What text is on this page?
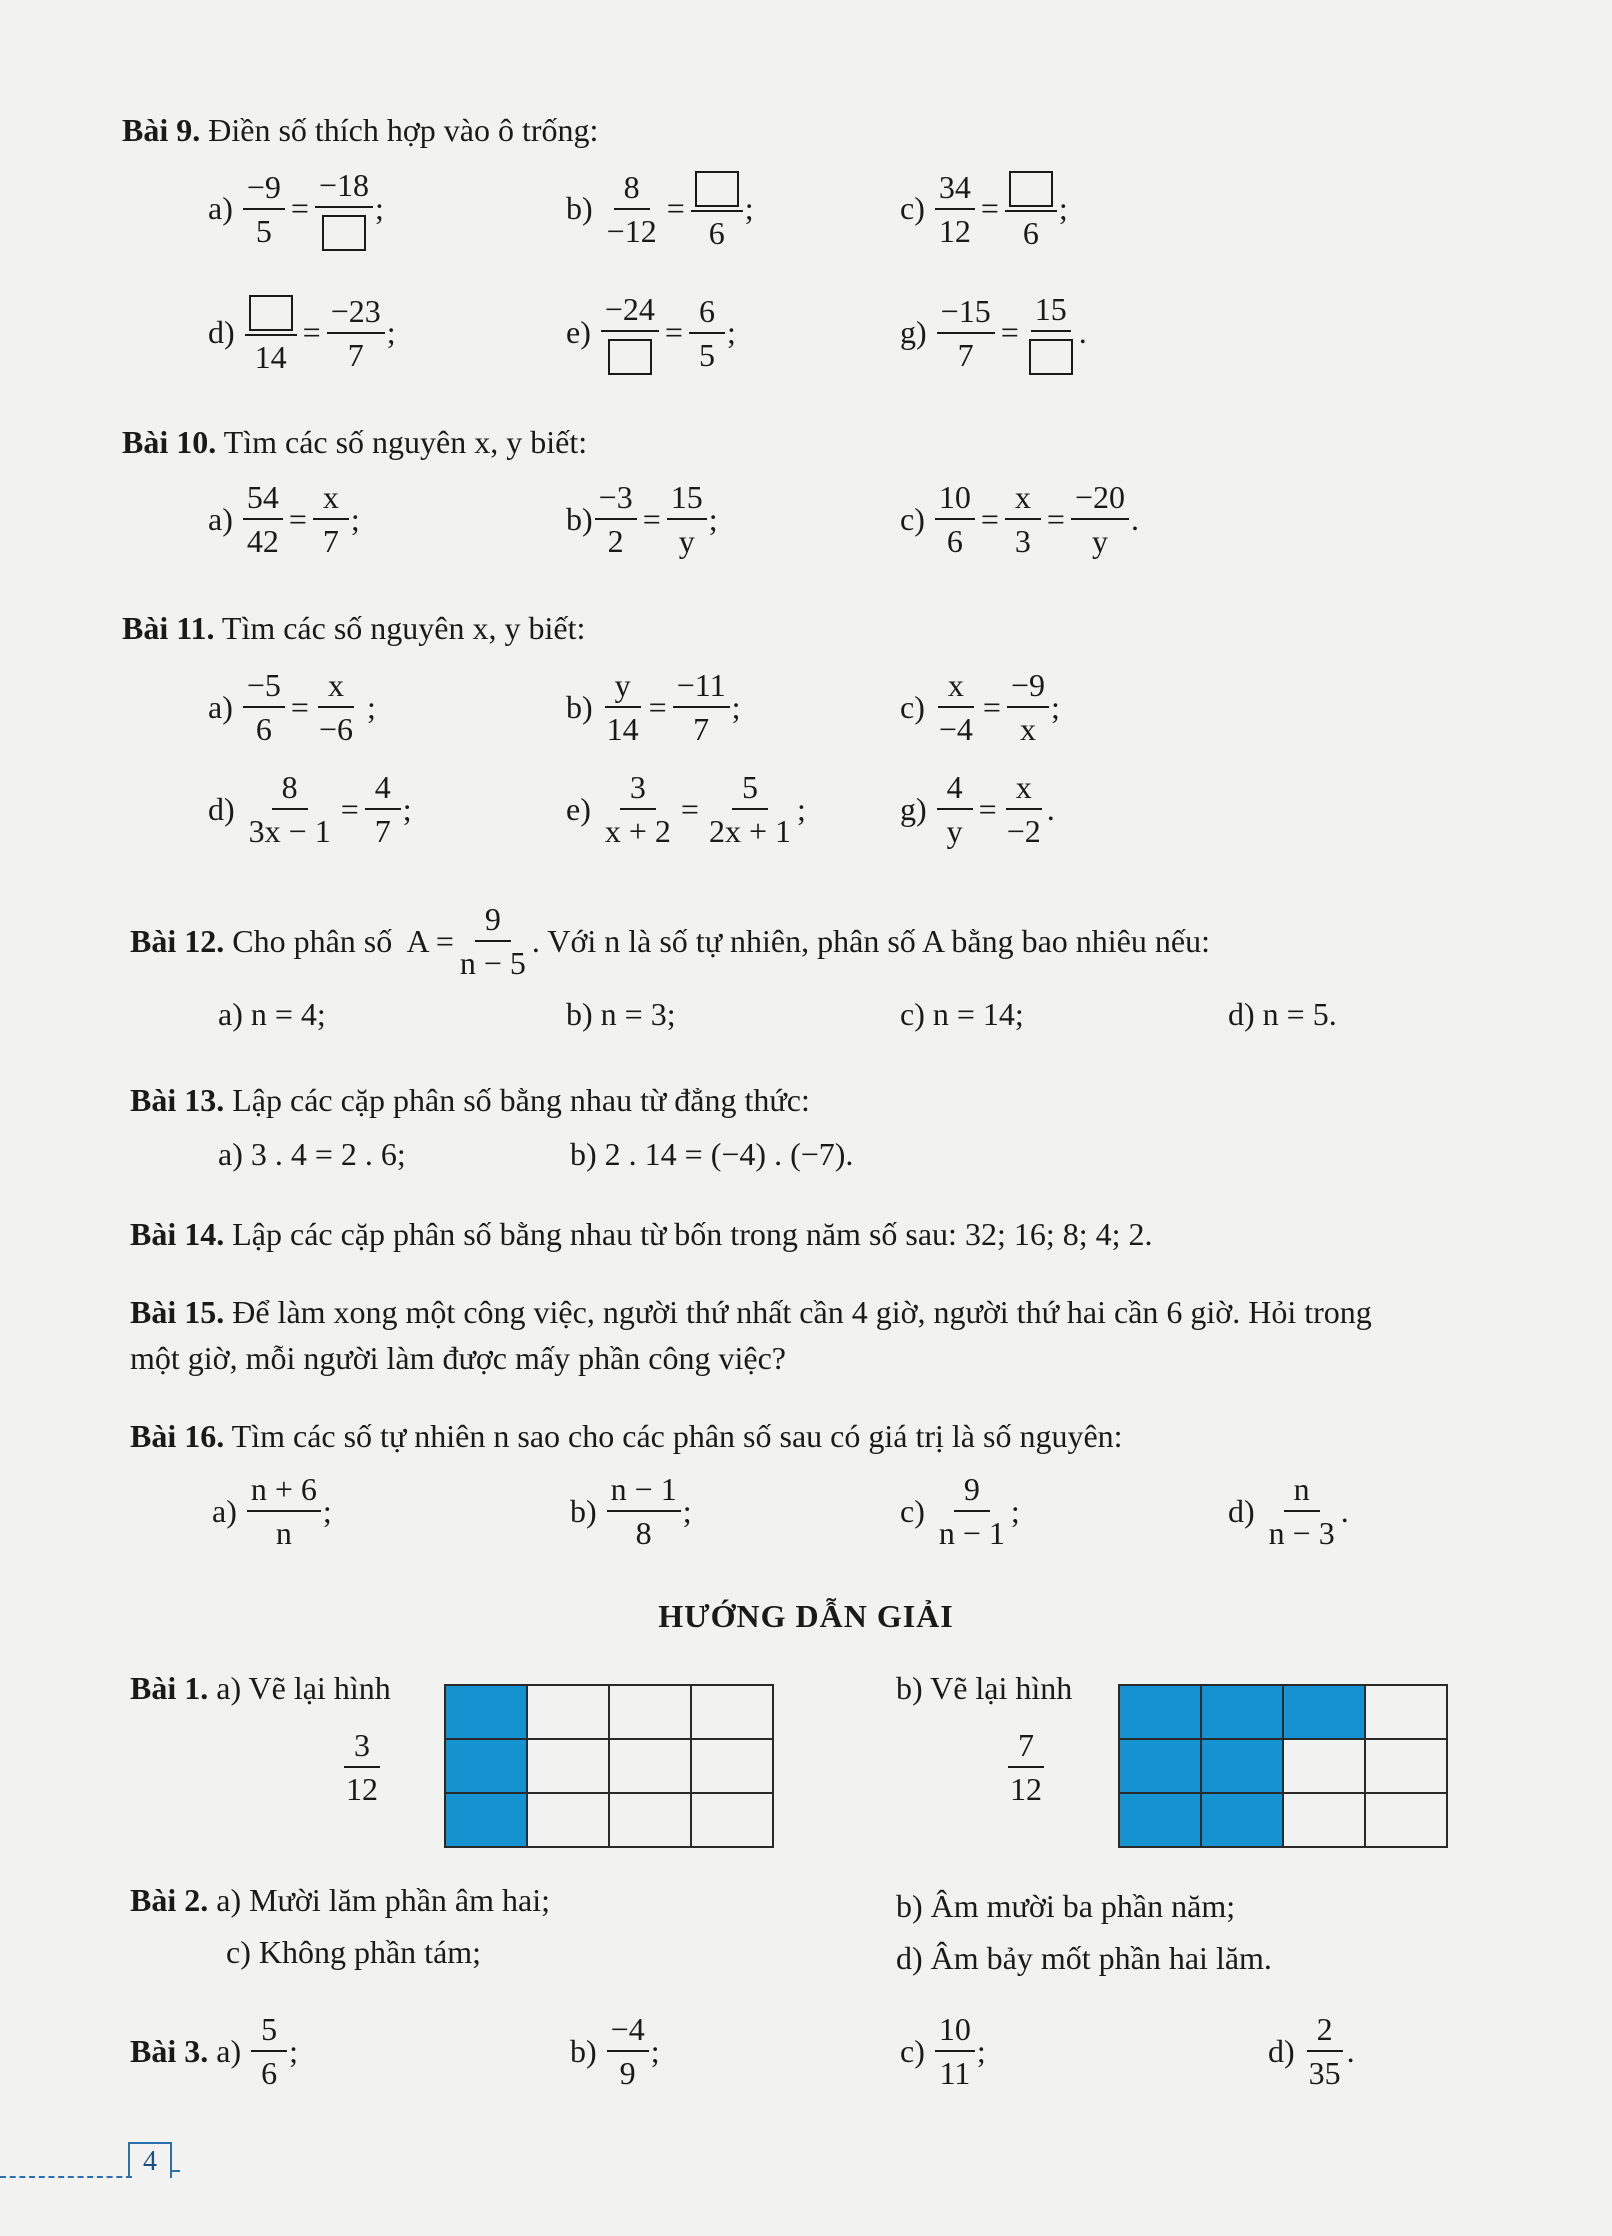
Bài 9. Điền số thích hợp vào ô trống:
a)
$\frac{-9}{5}$ =
−18
;	b)
$\frac{8}{-12}$ =
6
;	c)
$\frac{34}{12}$ =
6
;
d)

14
= $\frac{-23}{7}$ ;	e)

−24
= $\frac{6}{5}$ ;	g)
$\frac{-15}{7}$ =
15
.
Bài 10. Tìm các số nguyên x, y biết:
a)
$\frac{54}{42} = \frac{x}{7}$ ;	$b) \frac{-3}{2} = \frac{15}{y}$ ;	c)
$\frac{10}{6} = \frac{x}{3} = \frac{-20}{y}$ .
Bài 11. Tìm các số nguyên x, y biết:
a)
$\frac{-5}{6} = \frac{x}{-6}$
;	b)
$\frac{y}{14} = \frac{-11}{7}$ ;	c)
$\frac{x}{-4} = \frac{-9}{x}$ ;
d)
$\frac{8}{3x - 1} = \frac{4}{7}$ ;	e)
$\frac{3}{x + 2} = \frac{5}{2x + 1}$ ;	g)
$\frac{4}{y} = \frac{x}{-2}$ .
Bài 12. Cho phân số  $A = \frac{9}{n - 5}$ . Với n là số tự nhiên, phân số A bằng bao nhiêu nếu:
a) n = 4;	b) n = 3;	c) n = 14;	d) n = 5.
Bài 13. Lập các cặp phân số bằng nhau từ đẳng thức:
a) 3 . 4 = 2 . 6;	b) 2 . 14 = (−4) . (−7).
Bài 14. Lập các cặp phân số bằng nhau từ bốn trong năm số sau: 32; 16; 8; 4; 2.
Bài 15. Để làm xong một công việc, người thứ nhất cần 4 giờ, người thứ hai cần 6 giờ. Hỏi trong
một giờ, mỗi người làm được mấy phần công việc?
Bài 16. Tìm các số tự nhiên n sao cho các phân số sau có giá trị là số nguyên:
a)
$\frac{n + 6}{n}$ ;	b)
$\frac{n - 1}{8}$ ;	c)
$\frac{9}{n - 1}$ ;	d)
$\frac{n}{n - 3}$ .
HƯỚNG DẪN GIẢI
Bài 1. a) Vẽ lại hình
$\frac{3}{12}$

b) Vẽ lại hình
$\frac{7}{12}$

Bài 2. a) Mười lăm phần âm hai;	b) Âm mười ba phần năm;
c) Không phần tám;	d) Âm bảy mốt phần hai lăm.
Bài 3.
a)
$\frac{5}{6}$ ;	b)
$\frac{-4}{9}$ ;	c)
$\frac{10}{11}$ ;	d)
$\frac{2}{35}$ .
4
